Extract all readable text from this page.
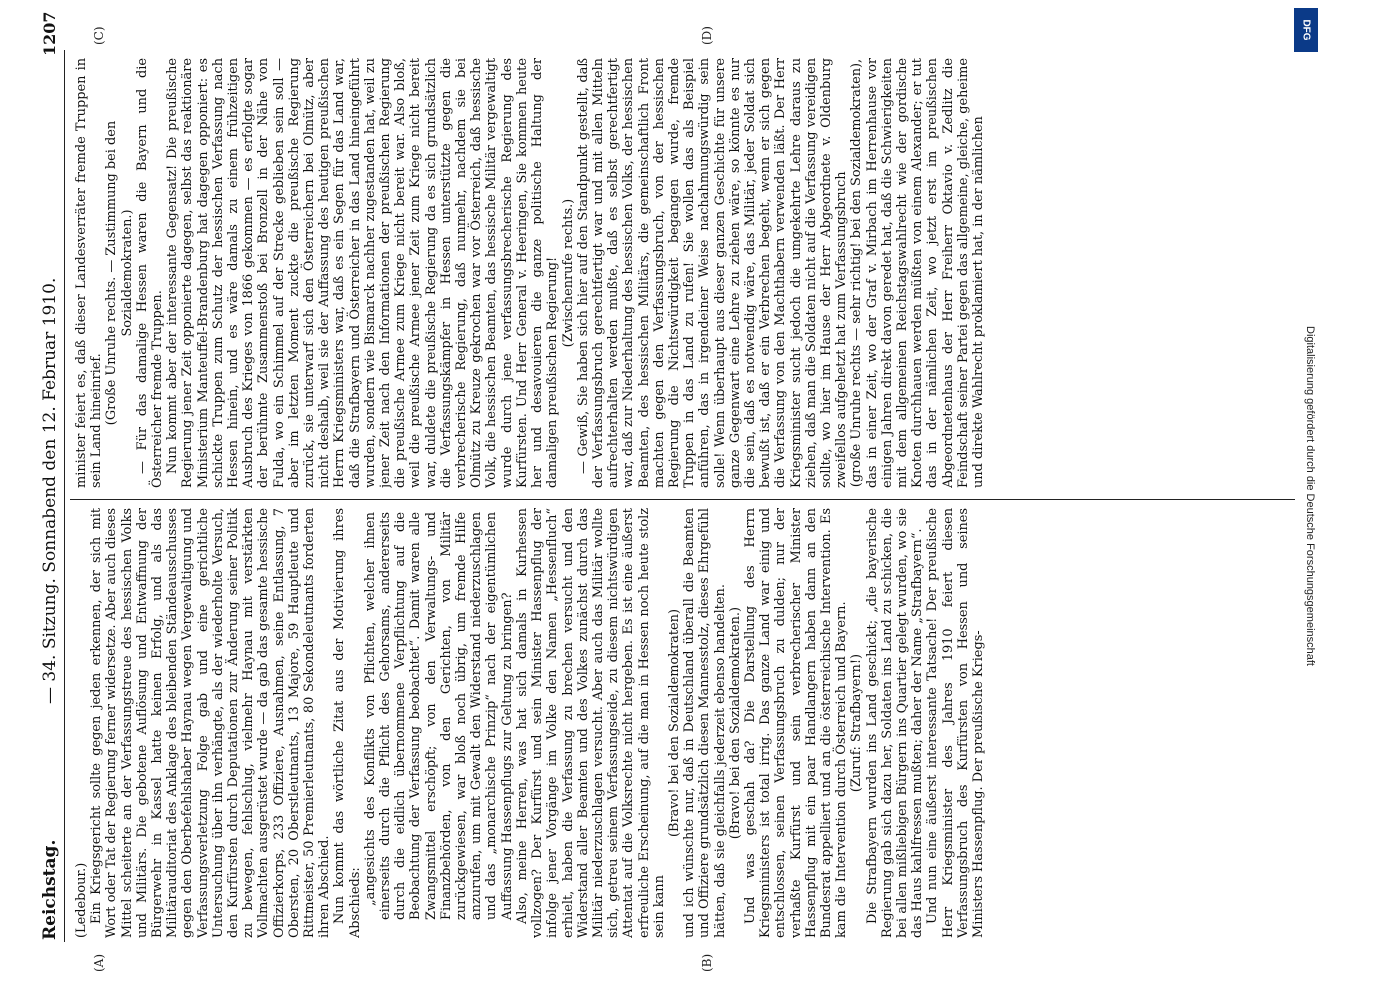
Reichstag.
— 34. Sitzung. Sonnabend den 12. Februar 1910.
1207
(A)	(B)
(C)	(D)

(Ledebour.) Ein Kriegsgericht sollte gegen jeden erkennen, der sich mit Wort oder Tat der Regierung ferner widersetze. Aber auch dieses Mittel scheiterte an der Verfassungstreue des hessischen Volks und Militärs. Die gebotene Auflösung und Entwaffnung der Bürgerwehr in Kassel hatte keinen Erfolg, und als das Militärauditoriat des Anklage des bleibenden Ständeausschusses gegen den Oberbefehlshaber Haynau wegen Vergewaltigung und Verfassungsverletzung Folge gab und eine gerichtliche Untersuchung über ihn verhängte, als der wiederholte Versuch, den Kurfürsten durch Deputationen zur Änderung seiner Politik zu bewegen, fehlschlug, vielmehr Haynau mit verstärkten Vollmachten ausgerüstet wurde — da gab das gesamte hessische Offizierkorps, 233 Offiziere, Ausnahmen, seine Entlassung, 7 Obersten, 20 Oberstleutnants, 13 Majore, 59 Hauptleute und Rittmeister, 50 Premierleutnants, 80 Sekondeleutnants forderten ihren Abschied. Nun kommt das wörtliche Zitat aus der Motivierung ihres Abschieds: „angesichts des Konflikts von Pflichten, welcher ihnen einerseits durch die Pflicht des Gehorsams, andererseits durch die eidlich übernommene Verpflichtung auf die Beobachtung der Verfassung beobachtet“. Damit waren alle Zwangsmittel erschöpft; von den Verwaltungs- und Finanzbehörden, von den Gerichten, von Militär zurückgewiesen, war bloß noch übrig, um fremde Hilfe anzurufen, um mit Gewalt den Widerstand niederzuschlagen und das „monarchische Prinzip“ nach der eigentümlichen Auffassung Hassenpflugs zur Geltung zu bringen? Also, meine Herren, was hat sich damals in Kurhessen vollzogen? Der Kurfürst und sein Minister Hassenpflug der infolge jener Vorgänge im Volke den Namen „Hessenfluch“ erhielt, haben die Verfassung zu brechen versucht und den Widerstand aller Beamten und des Volkes zunächst durch das Militär niederzuschlagen versucht. Aber auch das Militär wollte sich, getreu seinem Verfassungseide, zu diesem nichtswürdigen Attentat auf die Volksrechte nicht hergeben. Es ist eine äußerst erfreuliche Erscheinung, auf die man in Hessen noch heute stolz sein kann

(Bravo! bei den Sozialdemokraten) und ich wünschte nur, daß in Deutschland überall die Beamten und Offiziere grundsätzlich diesen Mannesstolz, dieses Ehrgefühl hätten, daß sie gleichfalls jederzeit ebenso handelten. (Bravo! bei den Sozialdemokraten.) Und was geschah da? Die Darstellung des Herrn Kriegsministers ist total irrig. Das ganze Land war einig und entschlossen, seinen Verfassungsbruch zu dulden; nur der verhaßte Kurfürst und sein verbrecherischer Minister Hassenpflug mit ein paar Handlangern haben dann an den Bundesrat appelliert und an die österreichische Intervention. Es kam die Intervention durch Österreich und Bayern. (Zuruf: Strafbayern!) Die Strafbayern wurden ins Land geschickt; „die bayerische Regierung gab sich dazu her, Soldaten ins Land zu schicken, die bei allen mißliebigen Bürgern ins Quartier gelegt wurden, wo sie das Haus kahlfressen mußten; daher der Name „Strafbayern“. Und nun eine äußerst interessante Tatsache! Der preußische Herr Kriegsminister des Jahres 1910 feiert diesen Verfassungsbruch des Kurfürsten von Hessen und seines Ministers Hassenpflug. Der preußische Kriegs-

minister feiert es, daß dieser Landesverräter fremde Truppen in sein Land hineinrief. (Große Unruhe rechts. — Zustimmung bei den Sozialdemokraten.) — Für das damalige Hessen waren die Bayern und die Österreicher fremde Truppen. Nun kommt aber der interessante Gegensatz! Die preußische Regierung jener Zeit opponierte dagegen, selbst das reaktionäre Ministerium Manteuffel-Brandenburg hat dagegen opponiert: es schickte Truppen zum Schutz der hessischen Verfassung nach Hessen hinein, und es wäre damals zu einem frühzeitigen Ausbruch des Krieges von 1866 gekommen — es erfolgte sogar der berühmte Zusammenstoß bei Bronzell in der Nähe von Fulda, wo ein Schimmel auf der Strecke geblieben sein soll — aber im letzten Moment zuckte die preußische Regierung zurück, sie unterwarf sich den Österreichern bei Olmütz, aber nicht deshalb, weil sie der Auffassung des heutigen preußischen Herrn Kriegsministers war, daß es ein Segen für das Land war, daß die Strafbayern und Österreicher in das Land hineingeführt wurden, sondern wie Bismarck nachher zugestanden hat, weil zu jener Zeit nach den Informationen der preußischen Regierung die preußische Armee zum Kriege nicht bereit war. Also bloß, weil die preußische Armee jener Zeit zum Kriege nicht bereit war, duldete die preußische Regierung da es sich grundsätzlich die Verfassungskämpfer in Hessen unterstützte gegen die verbrecherische Regierung, daß nunmehr, nachdem sie bei Olmütz zu Kreuze gekrochen war vor Österreich, daß hessische Volk, die hessischen Beamten, das hessische Militär vergewaltigt wurde durch jene verfassungsbrecherische Regierung des Kurfürsten. Und Herr General v. Heeringen, Sie kommen heute her und desavouieren die ganze politische Haltung der damaligen preußischen Regierung! (Zwischenrufe rechts.) — Gewiß, Sie haben sich hier auf den Standpunkt gestellt, daß der Verfassungsbruch gerechtfertigt war und mit allen Mitteln aufrechterhalten werden mußte, daß es selbst gerechtfertigt war, daß zur Niederhaltung des hessischen Volks, der hessischen Beamten, des hessischen Militärs, die gemeinschaftlich Front machten gegen den Verfassungsbruch, von der hessischen Regierung die Nichtswürdigkeit begangen wurde, fremde Truppen in das Land zu rufen! Sie wollen das als Beispiel anführen, das in irgendeiner Weise nachahmungswürdig sein solle! Wenn überhaupt aus dieser ganzen Geschichte für unsere ganze Gegenwart eine Lehre zu ziehen wäre, so könnte es nur die sein, daß es notwendig wäre, das Militär, jeder Soldat sich bewußt ist, daß er ein Verbrechen begeht, wenn er sich gegen die Verfassung von den Machthabern verwenden läßt. Der Herr Kriegsminister sucht jedoch die umgekehrte Lehre daraus zu ziehen, daß man die Soldaten nicht auf die Verfassung vereidigen sollte, wo hier im Hause der Herr Abgeordnete v. Oldenburg zweifellos aufgehetzt hat zum Verfassungsbruch (große Unruhe rechts — sehr richtig! bei den Sozialdemokraten), das in einer Zeit, wo der Graf v. Mirbach im Herrenhause vor einigen Jahren direkt davon geredet hat, daß die Schwierigkeiten mit dem allgemeinen Reichstagswahlrecht wie der gordische Knoten durchhauen werden müßten von einem Alexander; er tut das in der nämlichen Zeit, wo jetzt erst im preußischen Abgeordnetenhaus der Herr Freiherr Oktavio v. Zedlitz die Feindschaft seiner Partei gegen das allgemeine, gleiche, geheime und direkte Wahlrecht proklamiert hat, in der nämlichen

DFG
Digitalisierung gefördert durch die Deutsche Forschungsgemeinschaft
